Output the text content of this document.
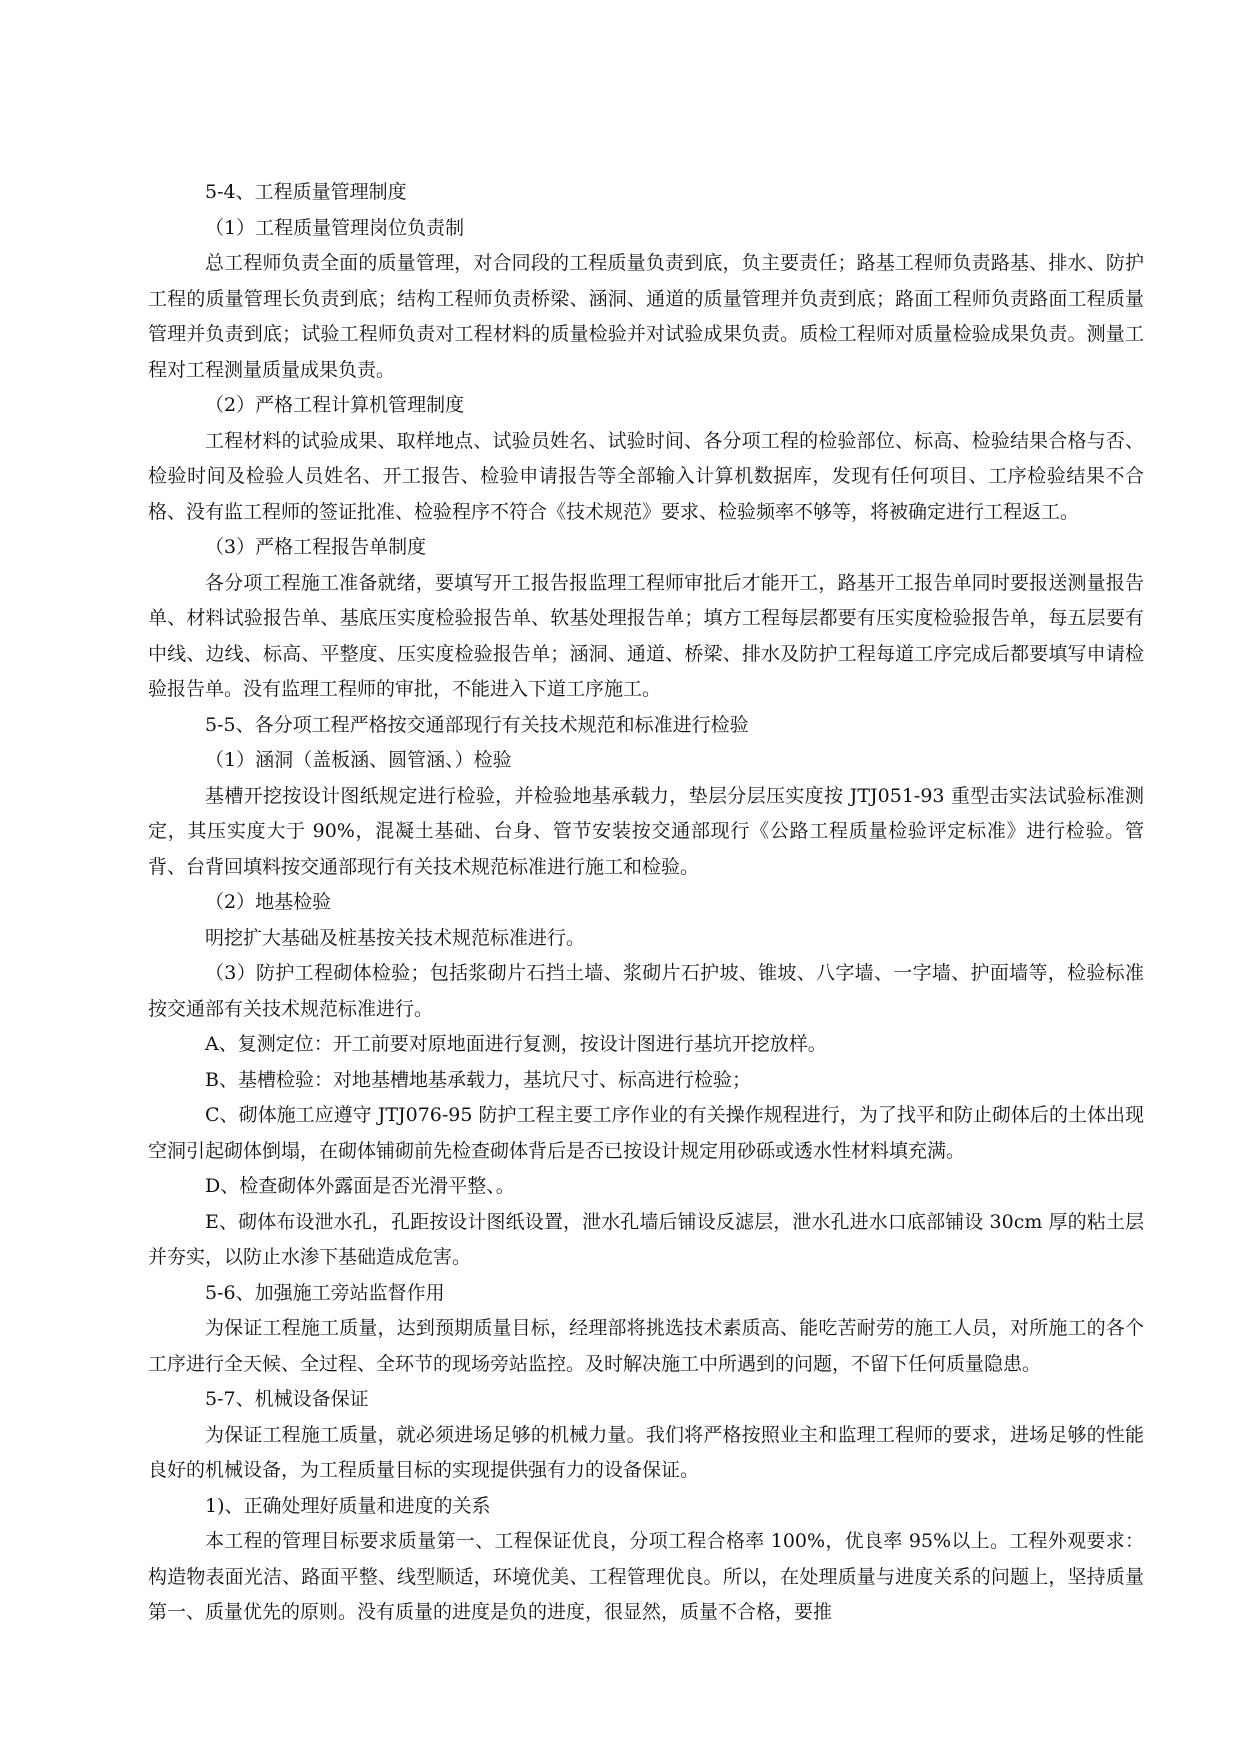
5-4、工程质量管理制度

（1）工程质量管理岗位负责制

总工程师负责全面的质量管理，对合同段的工程质量负责到底，负主要责任；路基工程师负责路基、排水、防护工程的质量管理长负责到底；结构工程师负责桥梁、涵洞、通道的质量管理并负责到底；路面工程师负责路面工程质量管理并负责到底；试验工程师负责对工程材料的质量检验并对试验成果负责。质检工程师对质量检验成果负责。测量工程对工程测量质量成果负责。

（2）严格工程计算机管理制度

工程材料的试验成果、取样地点、试验员姓名、试验时间、各分项工程的检验部位、标高、检验结果合格与否、检验时间及检验人员姓名、开工报告、检验申请报告等全部输入计算机数据库，发现有任何项目、工序检验结果不合格、没有监工程师的签证批准、检验程序不符合《技术规范》要求、检验频率不够等，将被确定进行工程返工。

（3）严格工程报告单制度

各分项工程施工准备就绪，要填写开工报告报监理工程师审批后才能开工，路基开工报告单同时要报送测量报告单、材料试验报告单、基底压实度检验报告单、软基处理报告单；填方工程每层都要有压实度检验报告单，每五层要有中线、边线、标高、平整度、压实度检验报告单；涵洞、通道、桥梁、排水及防护工程每道工序完成后都要填写申请检验报告单。没有监理工程师的审批，不能进入下道工序施工。

5-5、各分项工程严格按交通部现行有关技术规范和标准进行检验

（1）涵洞（盖板涵、圆管涵、）检验

基槽开挖按设计图纸规定进行检验，并检验地基承载力，垫层分层压实度按 JTJ051-93 重型击实法试验标准测定，其压实度大于 90%，混凝土基础、台身、管节安装按交通部现行《公路工程质量检验评定标准》进行检验。管背、台背回填料按交通部现行有关技术规范标准进行施工和检验。

（2）地基检验

明挖扩大基础及桩基按关技术规范标准进行。

（3）防护工程砌体检验；包括浆砌片石挡土墙、浆砌片石护坡、锥坡、八字墙、一字墙、护面墙等，检验标准按交通部有关技术规范标准进行。

A、复测定位：开工前要对原地面进行复测，按设计图进行基坑开挖放样。

B、基槽检验：对地基槽地基承载力，基坑尺寸、标高进行检验；

C、砌体施工应遵守 JTJ076-95 防护工程主要工序作业的有关操作规程进行，为了找平和防止砌体后的土体出现空洞引起砌体倒塌，在砌体铺砌前先检查砌体背后是否已按设计规定用砂砾或透水性材料填充满。

D、检查砌体外露面是否光滑平整、。

E、砌体布设泄水孔，孔距按设计图纸设置，泄水孔墙后铺设反滤层，泄水孔进水口底部铺设 30cm 厚的粘土层并夯实，以防止水渗下基础造成危害。

5-6、加强施工旁站监督作用

为保证工程施工质量，达到预期质量目标，经理部将挑选技术素质高、能吃苦耐劳的施工人员，对所施工的各个工序进行全天候、全过程、全环节的现场旁站监控。及时解决施工中所遇到的问题，不留下任何质量隐患。

5-7、机械设备保证

为保证工程施工质量，就必须进场足够的机械力量。我们将严格按照业主和监理工程师的要求，进场足够的性能良好的机械设备，为工程质量目标的实现提供强有力的设备保证。

1)、正确处理好质量和进度的关系

本工程的管理目标要求质量第一、工程保证优良，分项工程合格率 100%，优良率 95%以上。工程外观要求：构造物表面光洁、路面平整、线型顺适，环境优美、工程管理优良。所以，在处理质量与进度关系的问题上，坚持质量第一、质量优先的原则。没有质量的进度是负的进度，很显然，质量不合格，要推
